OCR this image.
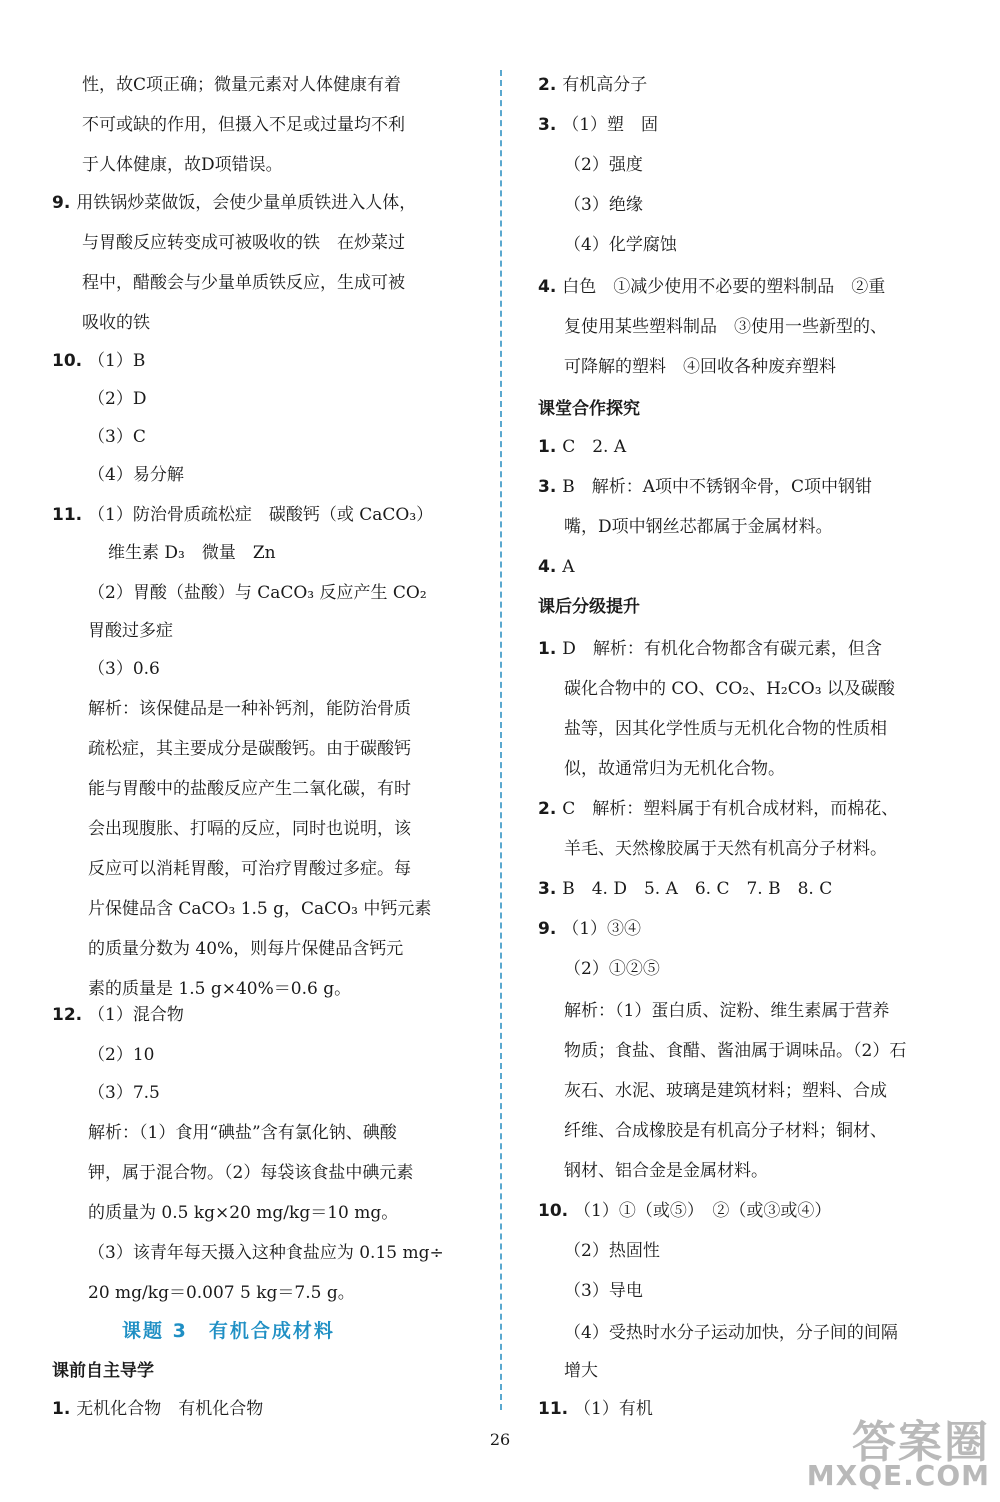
性，故C项正确；微量元素对人体健康有着
不可或缺的作用，但摄入不足或过量均不利
于人体健康，故D项错误。
9. 用铁锅炒菜做饭，会使少量单质铁进入人体，
与胃酸反应转变成可被吸收的铁　在炒菜过
程中，醋酸会与少量单质铁反应，生成可被
吸收的铁
10. （1）B
（2）D
（3）C
（4）易分解
11. （1）防治骨质疏松症　碳酸钙（或 CaCO₃）
维生素 D₃　微量　Zn
（2）胃酸（盐酸）与 CaCO₃ 反应产生 CO₂
胃酸过多症
（3）0.6
解析：该保健品是一种补钙剂，能防治骨质
疏松症，其主要成分是碳酸钙。由于碳酸钙
能与胃酸中的盐酸反应产生二氧化碳，有时
会出现腹胀、打嗝的反应，同时也说明，该
反应可以消耗胃酸，可治疗胃酸过多症。每
片保健品含 CaCO₃ 1.5 g，CaCO₃ 中钙元素
的质量分数为 40%，则每片保健品含钙元
素的质量是 1.5 g×40%＝0.6 g。
12. （1）混合物
（2）10
（3）7.5
解析：（1）食用“碘盐”含有氯化钠、碘酸
钾，属于混合物。（2）每袋该食盐中碘元素
的质量为 0.5 kg×20 mg/kg＝10 mg。
（3）该青年每天摄入这种食盐应为 0.15 mg÷
20 mg/kg＝0.007 5 kg＝7.5 g。
课题 3　有机合成材料
课前自主导学
1. 无机化合物　有机化合物
2. 有机高分子
3. （1）塑　固
（2）强度
（3）绝缘
（4）化学腐蚀
4. 白色　①减少使用不必要的塑料制品　②重
复使用某些塑料制品　③使用一些新型的、
可降解的塑料　④回收各种废弃塑料
课堂合作探究
1. C　2. A
3. B　解析：A项中不锈钢伞骨，C项中钢钳
嘴，D项中钢丝芯都属于金属材料。
4. A
课后分级提升
1. D　解析：有机化合物都含有碳元素，但含
碳化合物中的 CO、CO₂、H₂CO₃ 以及碳酸
盐等，因其化学性质与无机化合物的性质相
似，故通常归为无机化合物。
2. C　解析：塑料属于有机合成材料，而棉花、
羊毛、天然橡胶属于天然有机高分子材料。
3. B　4. D　5. A　6. C　7. B　8. C
9. （1）③④
（2）①②⑤
解析：（1）蛋白质、淀粉、维生素属于营养
物质；食盐、食醋、酱油属于调味品。（2）石
灰石、水泥、玻璃是建筑材料；塑料、合成
纤维、合成橡胶是有机高分子材料；铜材、
钢材、铝合金是金属材料。
10. （1）①（或⑤）　②（或③或④）
（2）热固性
（3）导电
（4）受热时水分子运动加快，分子间的间隔
增大
11. （1）有机
26	答案圈
MXQE.COM
